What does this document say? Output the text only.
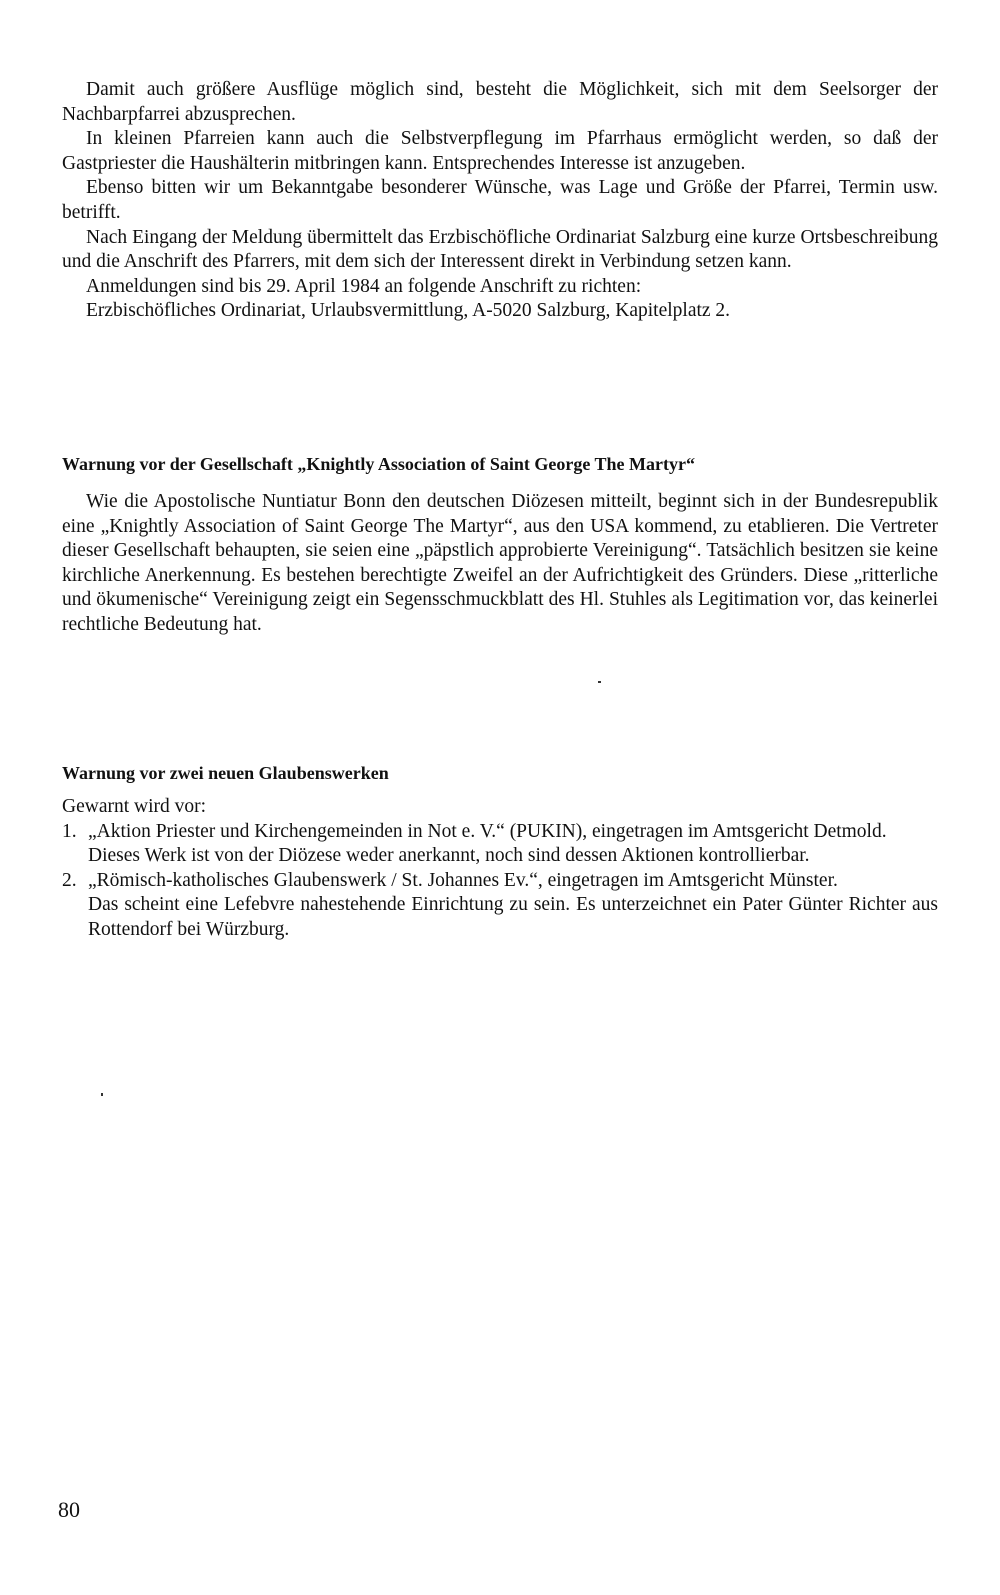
Damit auch größere Ausflüge möglich sind, besteht die Möglichkeit, sich mit dem Seelsorger der Nachbarpfarrei abzusprechen.

In kleinen Pfarreien kann auch die Selbstverpflegung im Pfarrhaus ermöglicht werden, so daß der Gastpriester die Haushälterin mitbringen kann. Entsprechendes Interesse ist anzugeben.

Ebenso bitten wir um Bekanntgabe besonderer Wünsche, was Lage und Größe der Pfarrei, Termin usw. betrifft.

Nach Eingang der Meldung übermittelt das Erzbischöfliche Ordinariat Salzburg eine kurze Ortsbeschreibung und die Anschrift des Pfarrers, mit dem sich der Interessent direkt in Verbindung setzen kann.

Anmeldungen sind bis 29. April 1984 an folgende Anschrift zu richten:

Erzbischöfliches Ordinariat, Urlaubsvermittlung, A-5020 Salzburg, Kapitelplatz 2.

Warnung vor der Gesellschaft „Knightly Association of Saint George The Martyr“

Wie die Apostolische Nuntiatur Bonn den deutschen Diözesen mitteilt, beginnt sich in der Bundesrepublik eine „Knightly Association of Saint George The Martyr“, aus den USA kommend, zu etablieren. Die Vertreter dieser Gesellschaft behaupten, sie seien eine „päpstlich approbierte Vereinigung“. Tatsächlich besitzen sie keine kirchliche Anerkennung. Es bestehen berechtigte Zweifel an der Aufrichtigkeit des Gründers. Diese „ritterliche und ökumenische“ Vereinigung zeigt ein Segensschmuckblatt des Hl. Stuhles als Legitimation vor, das keinerlei rechtliche Bedeutung hat.

Warnung vor zwei neuen Glaubenswerken

Gewarnt wird vor:

1. „Aktion Priester und Kirchengemeinden in Not e. V.“ (PUKIN), eingetragen im Amtsgericht Detmold.

Dieses Werk ist von der Diözese weder anerkannt, noch sind dessen Aktionen kontrollierbar.

2. „Römisch-katholisches Glaubenswerk / St. Johannes Ev.“, eingetragen im Amtsgericht Münster.

Das scheint eine Lefebvre nahestehende Einrichtung zu sein. Es unterzeichnet ein Pater Günter Richter aus Rottendorf bei Würzburg.

80
